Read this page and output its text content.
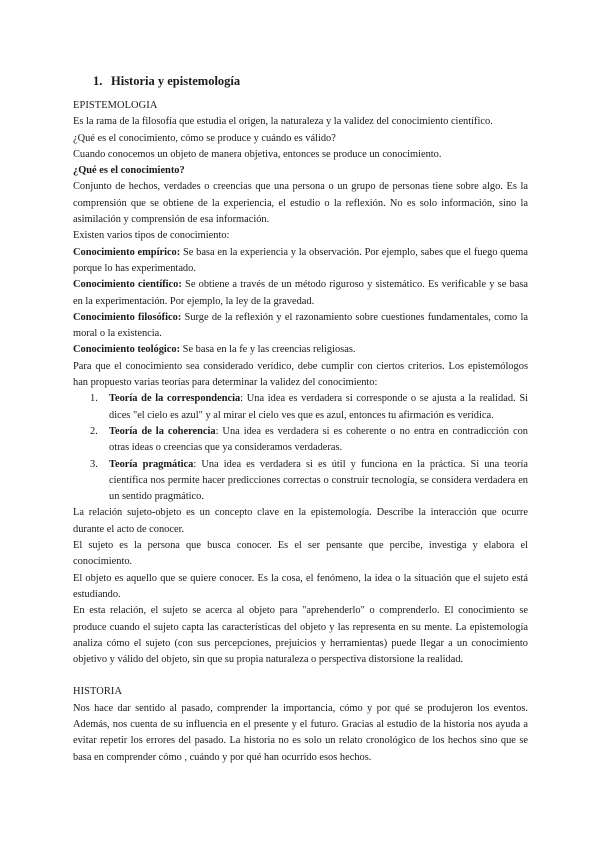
1. Historia y epistemología

EPISTEMOLOGIA

Es la rama de la filosofía que estudia el origen, la naturaleza y la validez del conocimiento científico.

¿Qué es el conocimiento, cómo se produce y cuándo es válido?

Cuando conocemos un objeto de manera objetiva, entonces se produce un conocimiento.

¿Qué es el conocimiento?

Conjunto de hechos, verdades o creencias que una persona o un grupo de personas tiene sobre algo. Es la comprensión que se obtiene de la experiencia, el estudio o la reflexión. No es solo información, sino la asimilación y comprensión de esa información.

Existen varios tipos de conocimiento:

Conocimiento empírico: Se basa en la experiencia y la observación. Por ejemplo, sabes que el fuego quema porque lo has experimentado.

Conocimiento científico: Se obtiene a través de un método riguroso y sistemático. Es verificable y se basa en la experimentación. Por ejemplo, la ley de la gravedad.

Conocimiento filosófico: Surge de la reflexión y el razonamiento sobre cuestiones fundamentales, como la moral o la existencia.

Conocimiento teológico: Se basa en la fe y las creencias religiosas.

Para que el conocimiento sea considerado verídico, debe cumplir con ciertos criterios. Los epistemólogos han propuesto varias teorías para determinar la validez del conocimiento:

1. Teoría de la correspondencia: Una idea es verdadera si corresponde o se ajusta a la realidad. Si dices "el cielo es azul" y al mirar el cielo ves que es azul, entonces tu afirmación es verídica.
2. Teoría de la coherencia: Una idea es verdadera si es coherente o no entra en contradicción con otras ideas o creencias que ya consideramos verdaderas.
3. Teoría pragmática: Una idea es verdadera si es útil y funciona en la práctica. Si una teoría científica nos permite hacer predicciones correctas o construir tecnología, se considera verdadera en un sentido pragmático.

La relación sujeto-objeto es un concepto clave en la epistemología. Describe la interacción que ocurre durante el acto de conocer.

El sujeto es la persona que busca conocer. Es el ser pensante que percibe, investiga y elabora el conocimiento.

El objeto es aquello que se quiere conocer. Es la cosa, el fenómeno, la idea o la situación que el sujeto está estudiando.

En esta relación, el sujeto se acerca al objeto para "aprehenderlo" o comprenderlo. El conocimiento se produce cuando el sujeto capta las características del objeto y las representa en su mente. La epistemología analiza cómo el sujeto (con sus percepciones, prejuicios y herramientas) puede llegar a un conocimiento objetivo y válido del objeto, sin que su propia naturaleza o perspectiva distorsione la realidad.

HISTORIA

Nos hace dar sentido al pasado, comprender la importancia, cómo y por qué se produjeron los eventos. Además, nos cuenta de su influencia en el presente y el futuro. Gracias al estudio de la historia nos ayuda a evitar repetir los errores del pasado. La historia no es solo un relato cronológico de los hechos sino que se basa en comprender cómo , cuándo y por qué han ocurrido esos hechos.
